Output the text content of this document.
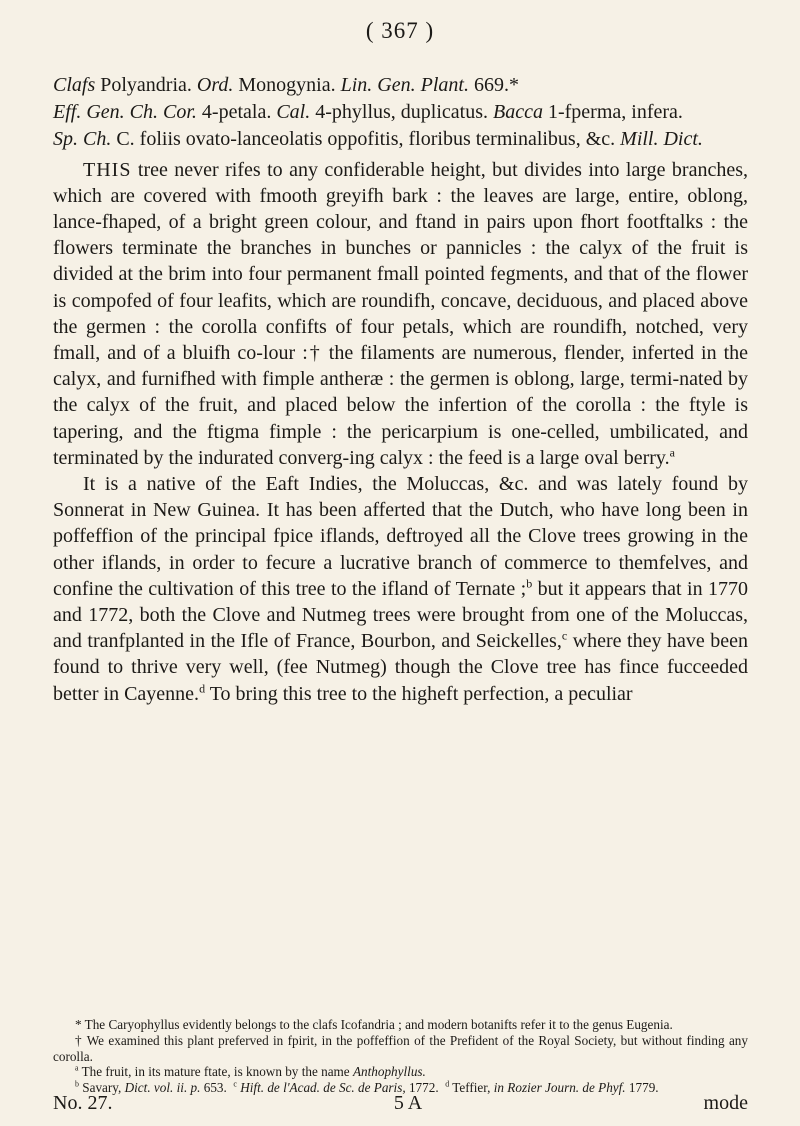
( 367 )

Clafs Polyandria. Ord. Monogynia. Lin. Gen. Plant. 669.*

Eff. Gen. Ch. Cor. 4-petala. Cal. 4-phyllus, duplicatus. Bacca 1-fperma, infera.

Sp. Ch. C. foliis ovato-lanceolatis oppofitis, floribus terminalibus, &c. Mill. Dict.

THIS tree never rifes to any confiderable height, but divides into large branches, which are covered with fmooth greyifh bark : the leaves are large, entire, oblong, lance-fhaped, of a bright green colour, and ftand in pairs upon fhort footftalks : the flowers terminate the branches in bunches or pannicles : the calyx of the fruit is divided at the brim into four permanent fmall pointed fegments, and that of the flower is compofed of four leafits, which are roundifh, concave, deciduous, and placed above the germen : the corolla confifts of four petals, which are roundifh, notched, very fmall, and of a bluifh co-lour :† the filaments are numerous, flender, inferted in the calyx, and furnifhed with fimple antheræ : the germen is oblong, large, termi-nated by the calyx of the fruit, and placed below the infertion of the corolla : the ftyle is tapering, and the ftigma fimple : the pericarpium is one-celled, umbilicated, and terminated by the indurated converg-ing calyx : the feed is a large oval berry.$^a$

It is a native of the Eaft Indies, the Moluccas, &c. and was lately found by Sonnerat in New Guinea. It has been afferted that the Dutch, who have long been in poffeffion of the principal fpice iflands, deftroyed all the Clove trees growing in the other iflands, in order to fecure a lucrative branch of commerce to themfelves, and confine the cultivation of this tree to the ifland of Ternate ;$^b$ but it appears that in 1770 and 1772, both the Clove and Nutmeg trees were brought from one of the Moluccas, and tranfplanted in the Ifle of France, Bourbon, and Seickelles,$^c$ where they have been found to thrive very well, (fee Nutmeg) though the Clove tree has fince fucceeded better in Cayenne.$^d$ To bring this tree to the higheft perfection, a peculiar

* The Caryophyllus evidently belongs to the clafs Icofandria ; and modern botanifts refer it to the genus Eugenia.

† We examined this plant preferved in fpirit, in the poffeffion of the Prefident of the Royal Society, but without finding any corolla.

$^a$ The fruit, in its mature ftate, is known by the name Anthophyllus.

$^b$ Savary, Dict. vol. ii. p. 653. $^c$ Hift. de l'Acad. de Sc. de Paris, 1772. $^d$ Teffier, in Rozier Journ. de Phyf. 1779.

No. 27.	5 A	mode
